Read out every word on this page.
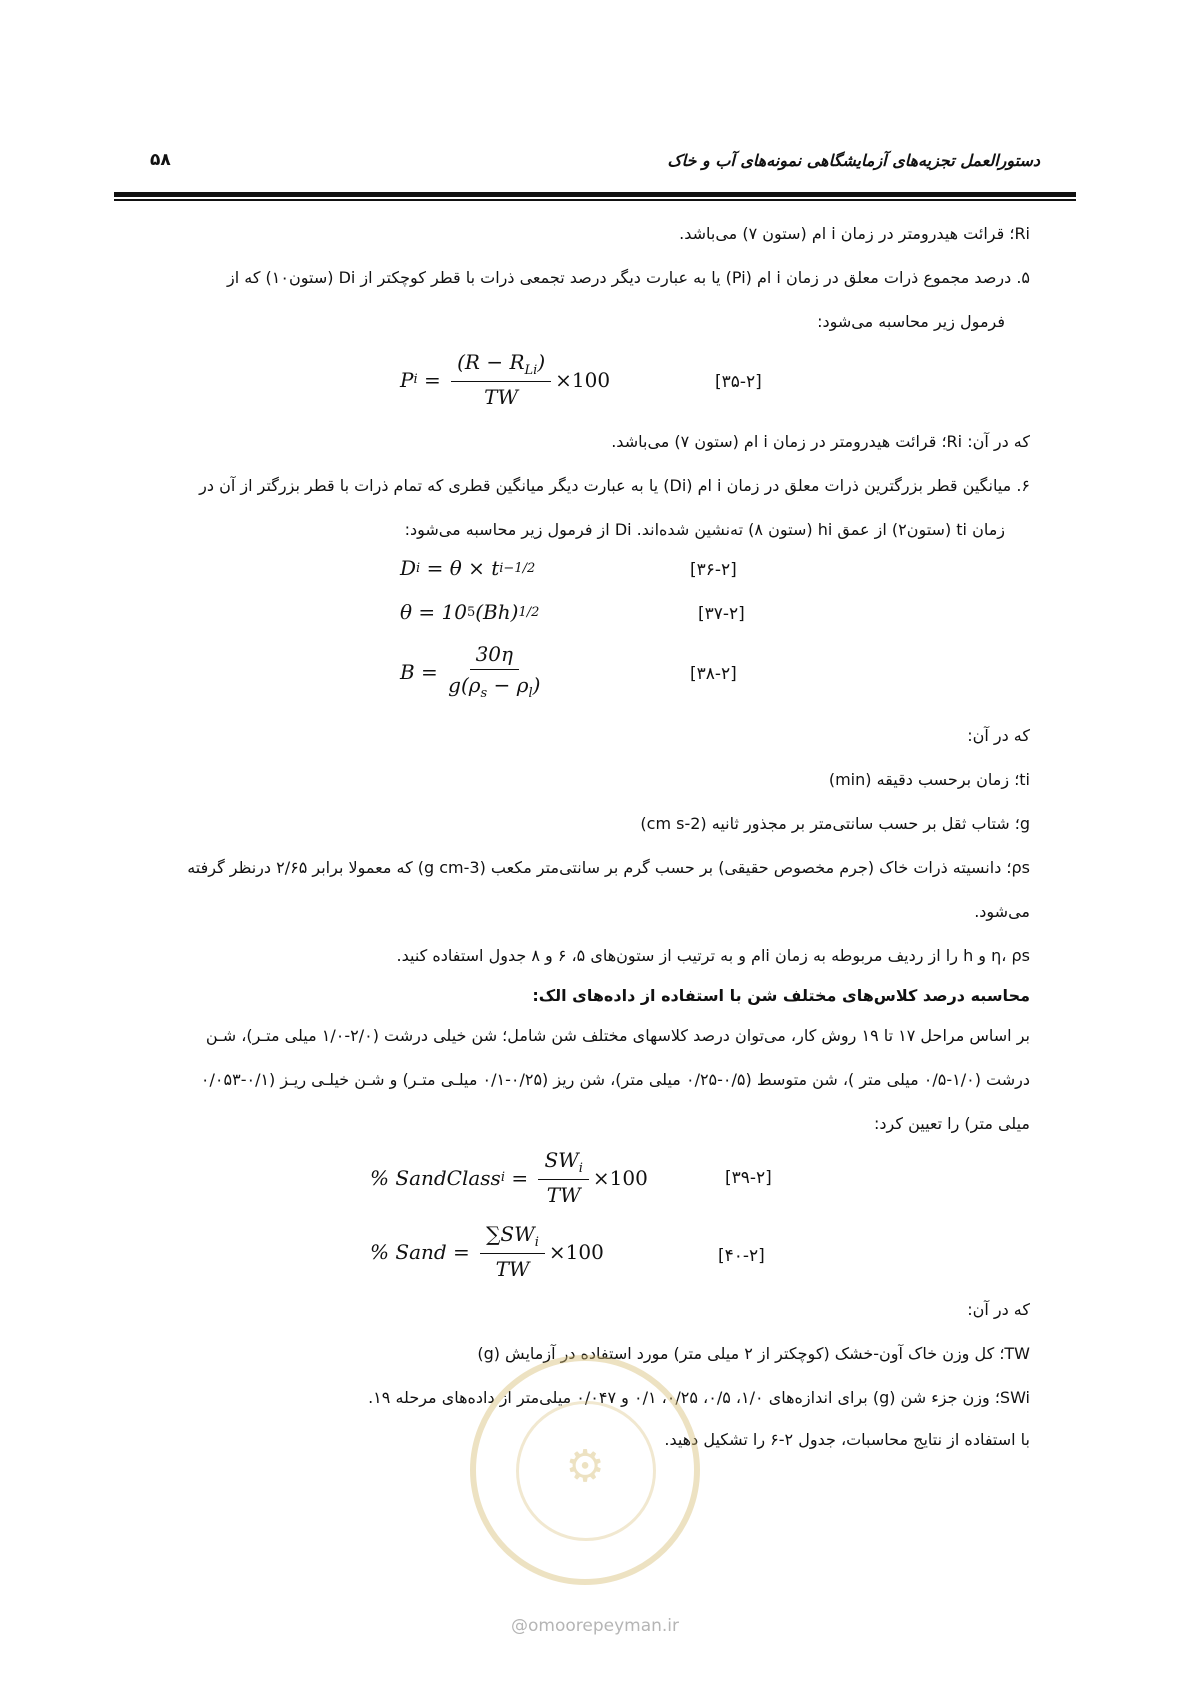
۵۸	دستورالعمل تجزیه‌های آزمایشگاهی نمونه‌های آب و خاک
Ri؛ قرائت هیدرومتر در زمان i ام (ستون ۷) می‌باشد.
۵. درصد مجموع ذرات معلق در زمان i ام (Pi) یا به عبارت دیگر درصد تجمعی ذرات با قطر کوچکتر از Di (ستون۱۰) که از
فرمول زیر محاسبه می‌شود:
P $i = \frac{(R - R_{Li})}{TW} \times 100$	[۳۵-۲]
که در آن: Ri؛ قرائت هیدرومتر در زمان i ام (ستون ۷) می‌باشد.
۶. میانگین قطر بزرگترین ذرات معلق در زمان i ام (Di) یا به عبارت دیگر میانگین قطری که تمام ذرات با قطر بزرگتر از آن در
زمان ti (ستون۲) از عمق hi (ستون ۸) ته‌نشین شده‌اند. Di از فرمول زیر محاسبه می‌شود:
D i
= θ × t i −1/2	[۳۶-۲]
θ = 10 5 (Bh) 1/2	[۳۷-۲]
$B = \frac{30\eta}{g(\rho_s - \rho_l)}$	[۳۸-۲]
که در آن:
ti؛ زمان برحسب دقیقه (min)
g؛ شتاب ثقل بر حسب سانتی‌متر بر مجذور ثانیه (cm s-2)
ρs؛ دانسیته ذرات خاک (جرم مخصوص حقیقی) بر حسب گرم بر سانتی‌متر مکعب (g cm-3) که معمولا برابر ۲/۶۵ درنظر گرفته
می‌شود.
η، ρs و h را از ردیف مربوطه به زمان iام و به ترتیب از ستون‌های ۵، ۶ و ۸ جدول استفاده کنید.
محاسبه درصد کلاس‌های مختلف شن با استفاده از داده‌های الک:
بر اساس مراحل ۱۷ تا ۱۹ روش کار، می‌توان درصد کلاسهای مختلف شن شامل؛ شن خیلی درشت (۲/۰-۱/۰ میلی متـر)، شـن
درشت (۱/۰-۰/۵ میلی متر )، شن متوسط (۰/۵-۰/۲۵ میلی متر)، شن ریز (۰/۲۵-۰/۱ میلـی متـر) و شـن خیلـی ریـز (۰/۱-۰/۰۵۳
میلی متر) را تعیین کرد:
% SandClass $i = \frac{SW_i}{TW} \times 100$	[۳۹-۲]
% Sand = $\frac{\sum SW_i}{TW} \times 100$	[۴۰-۲]
که در آن:
TW؛ کل وزن خاک آون-خشک (کوچکتر از ۲ میلی متر) مورد استفاده در آزمایش (g)
SWi؛ وزن جزء شن (g) برای اندازه‌های ۱/۰، ۰/۵، ۰/۲۵، ۰/۱ و ۰/۰۴۷ میلی‌متر از داده‌های مرحله ۱۹.
با استفاده از نتایج محاسبات، جدول ۲-۶ را تشکیل دهید.
⚙
@omoorepeyman.ir
